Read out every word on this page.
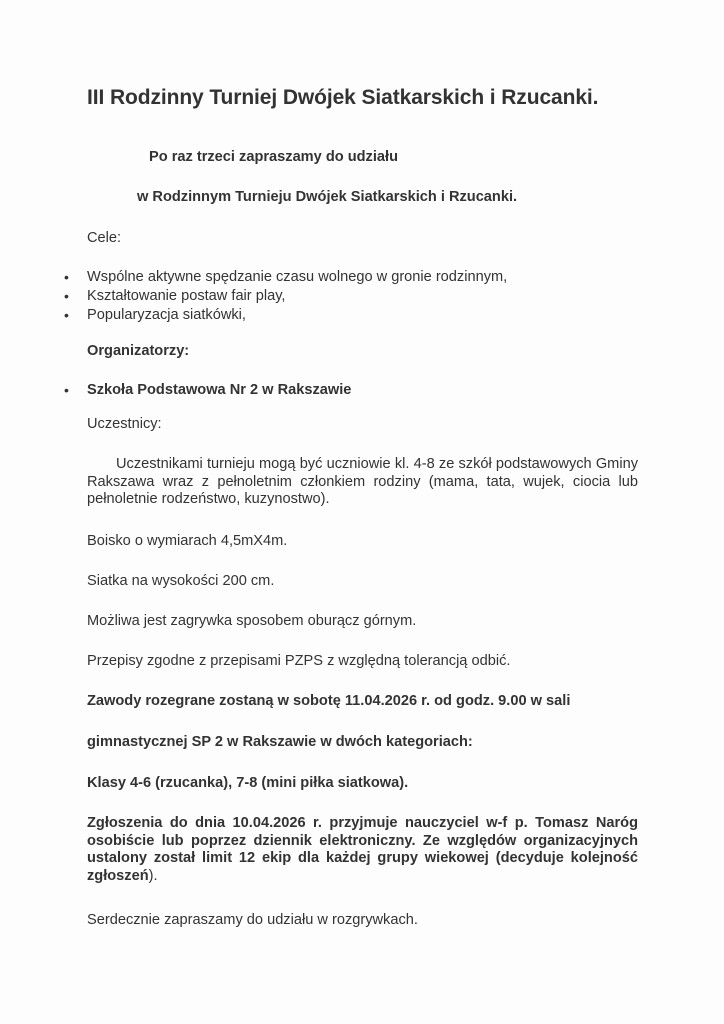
III Rodzinny Turniej Dwójek Siatkarskich i Rzucanki.

Po raz trzeci zapraszamy do udziału

w Rodzinnym Turnieju Dwójek Siatkarskich i Rzucanki.

Cele:

• Wspólne aktywne spędzanie czasu wolnego w gronie rodzinnym,
• Kształtowanie postaw fair play,
• Popularyzacja siatkówki,

Organizatorzy:

• Szkoła Podstawowa Nr 2 w Rakszawie

Uczestnicy:

Uczestnikami turnieju mogą być uczniowie kl. 4-8 ze szkół podstawowych Gminy Rakszawa wraz z pełnoletnim członkiem rodziny (mama, tata, wujek, ciocia lub pełnoletnie rodzeństwo, kuzynostwo).

Boisko o wymiarach 4,5mX4m.

Siatka na wysokości 200 cm.

Możliwa jest zagrywka sposobem oburącz górnym.

Przepisy zgodne z przepisami PZPS z względną tolerancją odbić.

Zawody rozegrane zostaną w sobotę 11.04.2026 r. od godz. 9.00 w sali

gimnastycznej SP 2 w Rakszawie w dwóch kategoriach:

Klasy 4-6 (rzucanka), 7-8 (mini piłka siatkowa).

Zgłoszenia do dnia 10.04.2026 r. przyjmuje nauczyciel w-f p. Tomasz Naróg osobiście lub poprzez dziennik elektroniczny. Ze względów organizacyjnych ustalony został limit 12 ekip dla każdej grupy wiekowej (decyduje kolejność zgłoszeń).

Serdecznie zapraszamy do udziału w rozgrywkach.
